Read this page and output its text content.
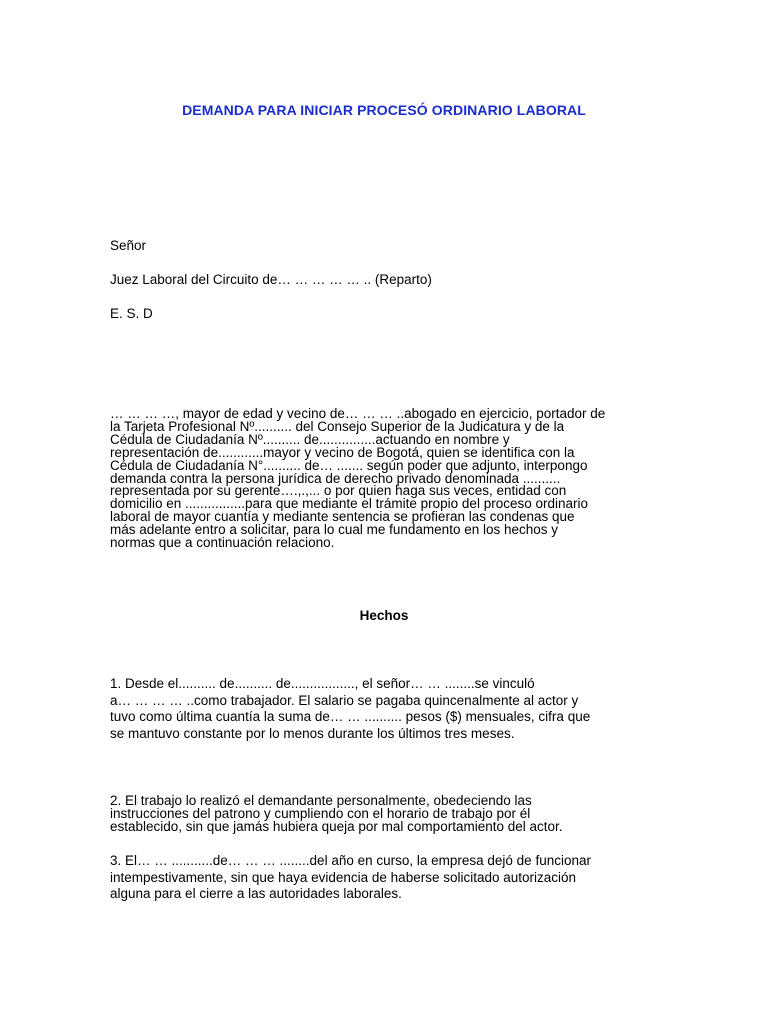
DEMANDA PARA INICIAR PROCESÓ ORDINARIO LABORAL
Señor
Juez Laboral del Circuito de… … … … … .. (Reparto)
E. S. D
… … … …, mayor de edad y vecino de… … … ..abogado en ejercicio, portador de
la Tarjeta Profesional Nº.......... del Consejo Superior de la Judicatura y de la
Cédula de Ciudadanía Nº.......... de...............actuando en nombre y
representación de............mayor y vecino de Bogotá, quien se identifica con la
Cédula de Ciudadanía N°.......... de… ....... según poder que adjunto, interpongo
demanda contra la persona jurídica de derecho privado denominada ..........
representada por su gerente….,.,... o por quien haga sus veces, entidad con
domicilio en ................para que mediante el trámite propio del proceso ordinario
laboral de mayor cuantía y mediante sentencia se profieran las condenas que
más adelante entro a solicitar, para lo cual me fundamento en los hechos y
normas que a continuación relaciono.
Hechos
1. Desde el.......... de.......... de................., el señor… … ........se vinculó
a… … … … ..como trabajador. El salario se pagaba quincenalmente al actor y
tuvo como última cuantía la suma de… … .......... pesos ($) mensuales, cifra que
se mantuvo constante por lo menos durante los últimos tres meses.
2. El trabajo lo realizó el demandante personalmente, obedeciendo las
instrucciones del patrono y cumpliendo con el horario de trabajo por él
establecido, sin que jamás hubiera queja por mal comportamiento del actor.
3. El… … ...........de… … … ........del año en curso, la empresa dejó de funcionar
intempestivamente, sin que haya evidencia de haberse solicitado autorización
alguna para el cierre a las autoridades laborales.
